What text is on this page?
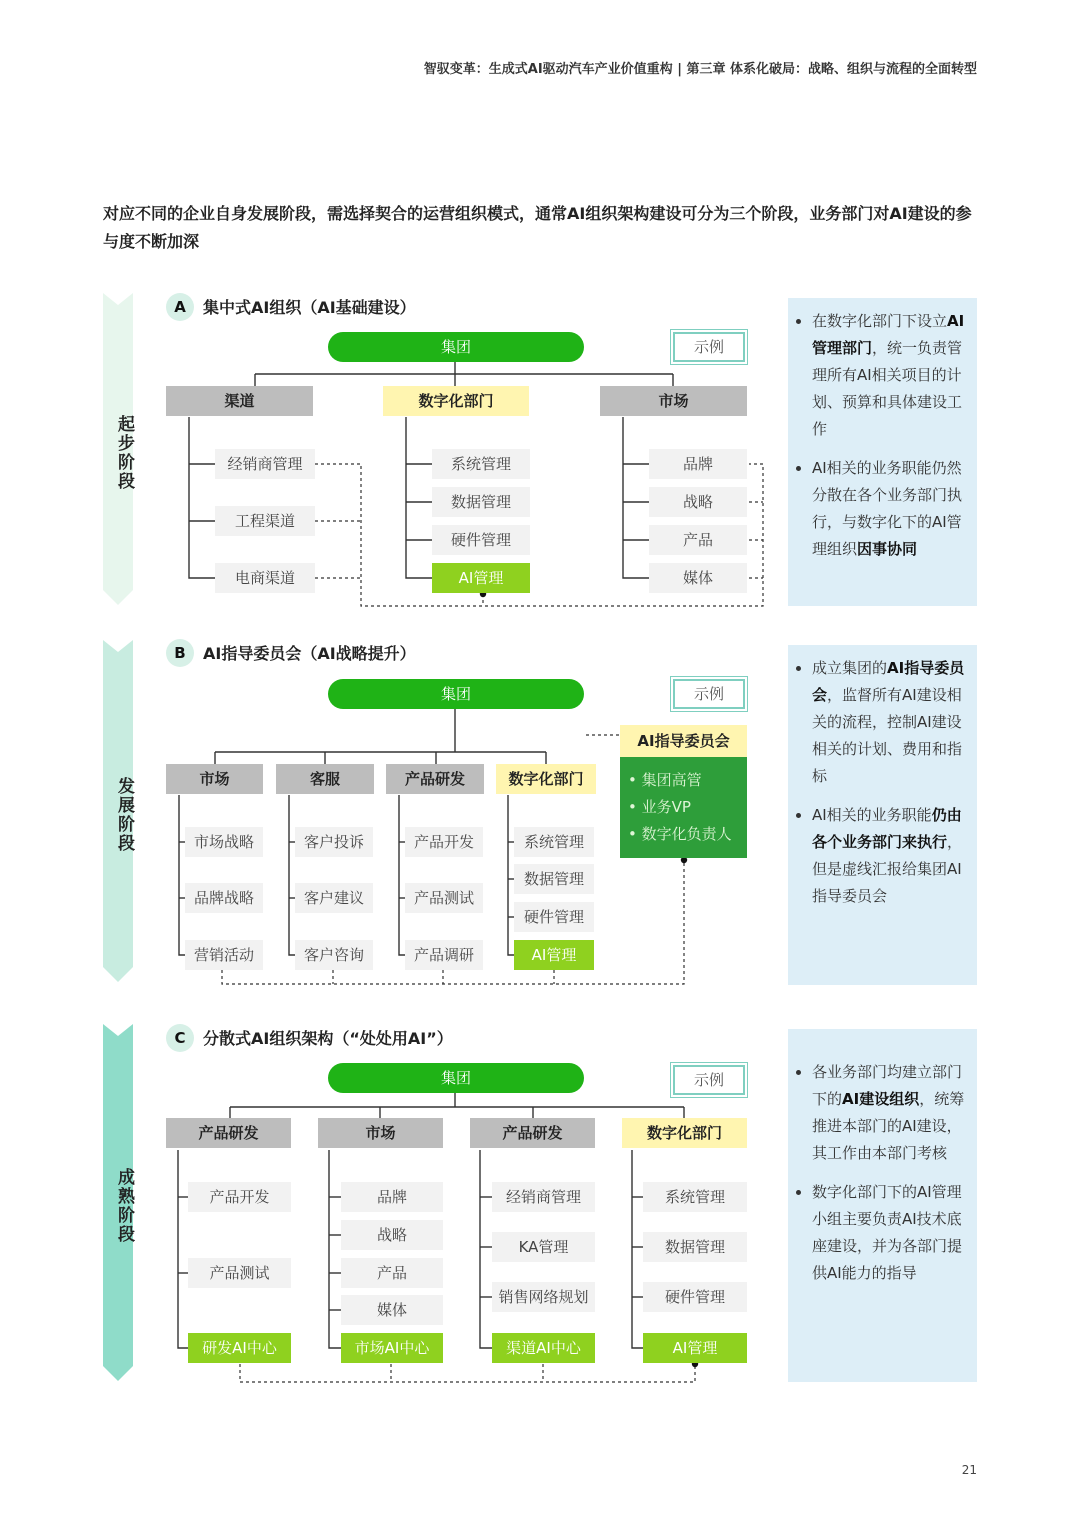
智驭变革：生成式AI驱动汽车产业价值重构 | 第三章 体系化破局：战略、组织与流程的全面转型
对应不同的企业自身发展阶段，需选择契合的运营组织模式，通常AI组织架构建设可分为三个阶段，业务部门对AI建设的参与度不断加深
起步阶段
发展阶段
成熟阶段
A	集中式AI组织（AI基础建设）
集团	示例
渠道	数字化部门	市场
经销商管理
工程渠道
电商渠道
系统管理
数据管理
硬件管理
AI管理
品牌
战略
产品
媒体
• 在数字化部门下设立AI管理部门，统一负责管理所有AI相关项目的计划、预算和具体建设工作
• AI相关的业务职能仍然分散在各个业务部门执行，与数字化下的AI管理组织因事协同
B	AI指导委员会（AI战略提升）
集团	示例
市场	客服	产品研发	数字化部门
市场战略
品牌战略
营销活动
客户投诉
客户建议
客户咨询
产品开发
产品测试
产品调研
系统管理
数据管理
硬件管理
AI管理
AI指导委员会
• 集团高管
• 业务VP
• 数字化负责人
• 成立集团的AI指导委员会，监督所有AI建设相关的流程，控制AI建设相关的计划、费用和指标
• AI相关的业务职能仍由各个业务部门来执行，但是虚线汇报给集团AI指导委员会
C	分散式AI组织架构（“处处用AI”）
集团	示例
产品研发	市场	产品研发	数字化部门
产品开发
产品测试
研发AI中心
品牌
战略
产品
媒体
市场AI中心
经销商管理
KA管理
销售网络规划
渠道AI中心
系统管理
数据管理
硬件管理
AI管理
• 各业务部门均建立部门下的AI建设组织，统筹推进本部门的AI建设，其工作由本部门考核
• 数字化部门下的AI管理小组主要负责AI技术底座建设，并为各部门提供AI能力的指导
21
